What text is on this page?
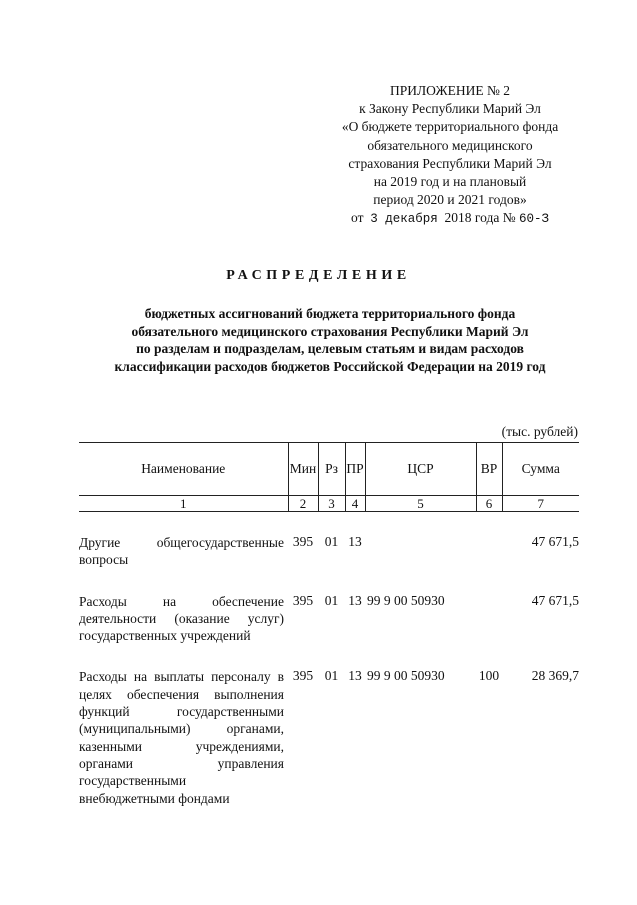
ПРИЛОЖЕНИЕ № 2
к Закону Республики Марий Эл
«О бюджете территориального фонда
обязательного медицинского
страхования Республики Марий Эл
на 2019 год и на плановый
период 2020 и 2021 годов»
от 3 декабря 2018 года № 60-З
РАСПРЕДЕЛЕНИЕ
бюджетных ассигнований бюджета территориального фонда
обязательного медицинского страхования Республики Марий Эл
по разделам и подразделам, целевым статьям и видам расходов
классификации расходов бюджетов Российской Федерации на 2019 год
(тыс. рублей)
Наименование	Мин	Рз	ПР	ЦСР	ВР	Сумма
1	2	3	4	5	6	7

Другие общегосударственные вопросы	395	01	13			47 671,5

Расходы на обеспечение деятельности (оказание услуг) государственных учреждений	395	01	13	99 9 00 50930		47 671,5

Расходы на выплаты персоналу в целях обеспечения выполнения функций государственными (муниципальными) органами, казенными учреждениями, органами управления государственными внебюджетными фондами	395	01	13	99 9 00 50930	100	28 369,7
